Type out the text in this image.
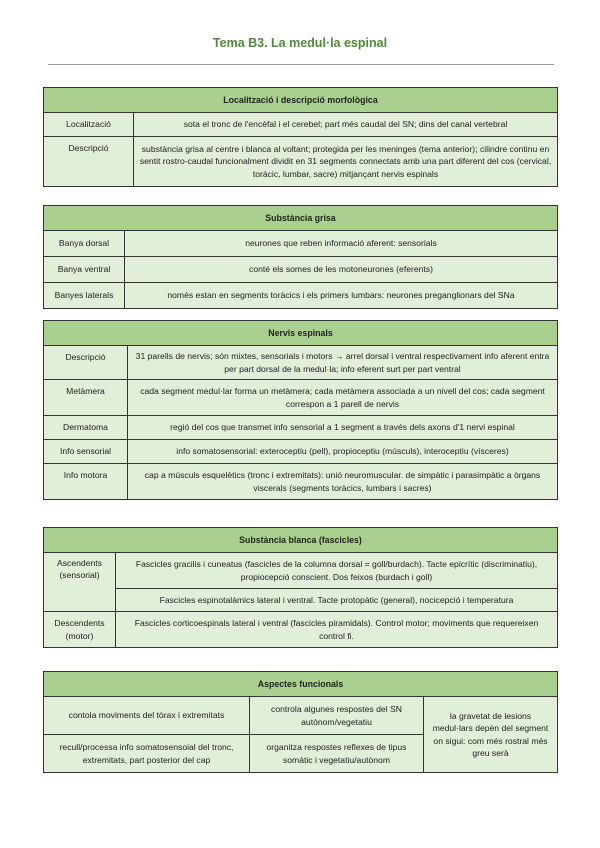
Tema B3. La medul·la espinal
Localització i descripció morfològica	
Localització	sota el tronc de l'encèfal i el cerebel; part més caudal del SN; dins del canal vertebral
Descripció	substància grisa al centre i blanca al voltant; protegida per les meninges (tema anterior); cilindre continu en sentit rostro-caudal funcionalment dividit en 31 segments connectats amb una part diferent del cos (cervical, toràcic, lumbar, sacre) mitjançant nervis espinals
Substància grisa	
Banya dorsal	neurones que reben informació aferent: sensorials
Banya ventral	conté els somes de les motoneurones (eferents)
Banyes laterals	només estan en segments toràcics i els primers lumbars: neurones preganglionars del SNa
Nervis espinals	
Descripció	31 parells de nervis; són mixtes, sensorials i motors → arrel dorsal i ventral respectivament info aferent entra per part dorsal de la medul·la; info eferent surt per part ventral
Metàmera	cada segment medul·lar forma un metàmera; cada metàmera associada a un nivell del cos; cada segment correspon a 1 parell de nervis
Dermatoma	regió del cos que transmet info sensorial a 1 segment a través dels axons d'1 nervi espinal
Info sensorial	info somatosensorial: exteroceptiu (pell), propioceptiu (músculs), interoceptiu (vísceres)
Info motora	cap a músculs esquelètics (tronc i extremitats): unió neuromuscular. de simpàtic i parasimpàtic a òrgans viscerals (segments toràcics, lumbars i sacres)
Substància blanca (fascicles)	
Ascendents (sensorial)	Fascicles gracilis i cuneatus (fascicles de la columna dorsal = goll/burdach). Tacte epicrític (discriminatiu), propiocepció conscient. Dos feixos (burdach i goll)
	Fascicles espinotalàmics lateral i ventral. Tacte protopàtic (general), nocicepció i temperatura
Descendents (motor)	Fascicles corticoespinals lateral i ventral (fascicles piramidals). Control motor; moviments que requereixen control fi.
Aspectes funcionals		
contola moviments del tòrax i extremitats	controla algunes respostes del SN autònom/vegetatiu	la gravetat de lesions medul·lars depèn del segment on sigui: com més rostral més greu serà
recull/processa info somatosensoial del tronc, extremitats, part posterior del cap	organitza respostes reflexes de tipus somàtic i vegetatiu/autònom	
